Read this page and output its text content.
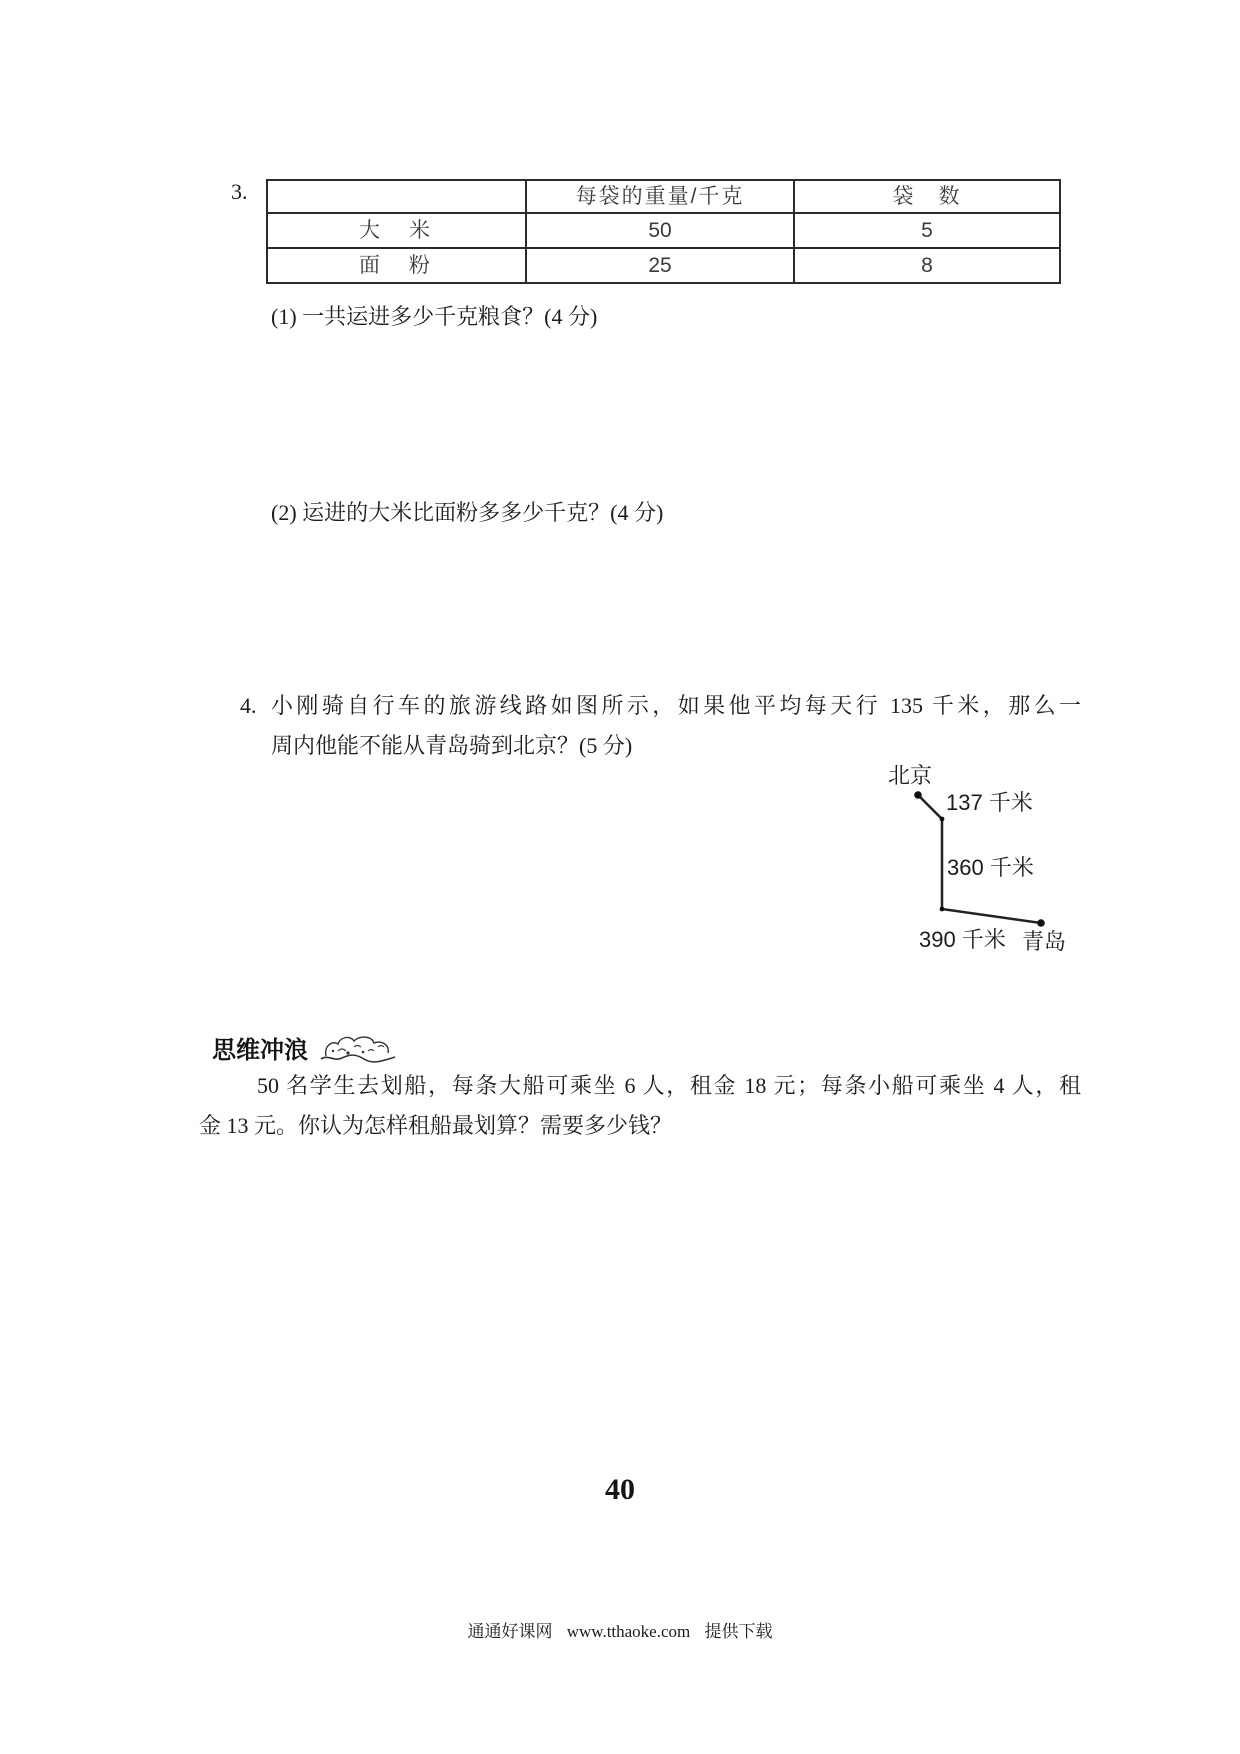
3.
		每袋的重量/千克	袋　数
大　米	50	5
面　粉	25	8
(1) 一共运进多少千克粮食？(4 分)
(2) 运进的大米比面粉多多少千克？(4 分)
4. 小刚骑自行车的旅游线路如图所示，如果他平均每天行 135 千米，那么一
周内他能不能从青岛骑到北京？(5 分)
北京
137 千米
360 千米
390 千米 青岛
思维冲浪
50 名学生去划船，每条大船可乘坐 6 人，租金 18 元；每条小船可乘坐 4 人，租
金 13 元。你认为怎样租船最划算？需要多少钱？
40
通通好课网 www.tthaoke.com 提供下载
